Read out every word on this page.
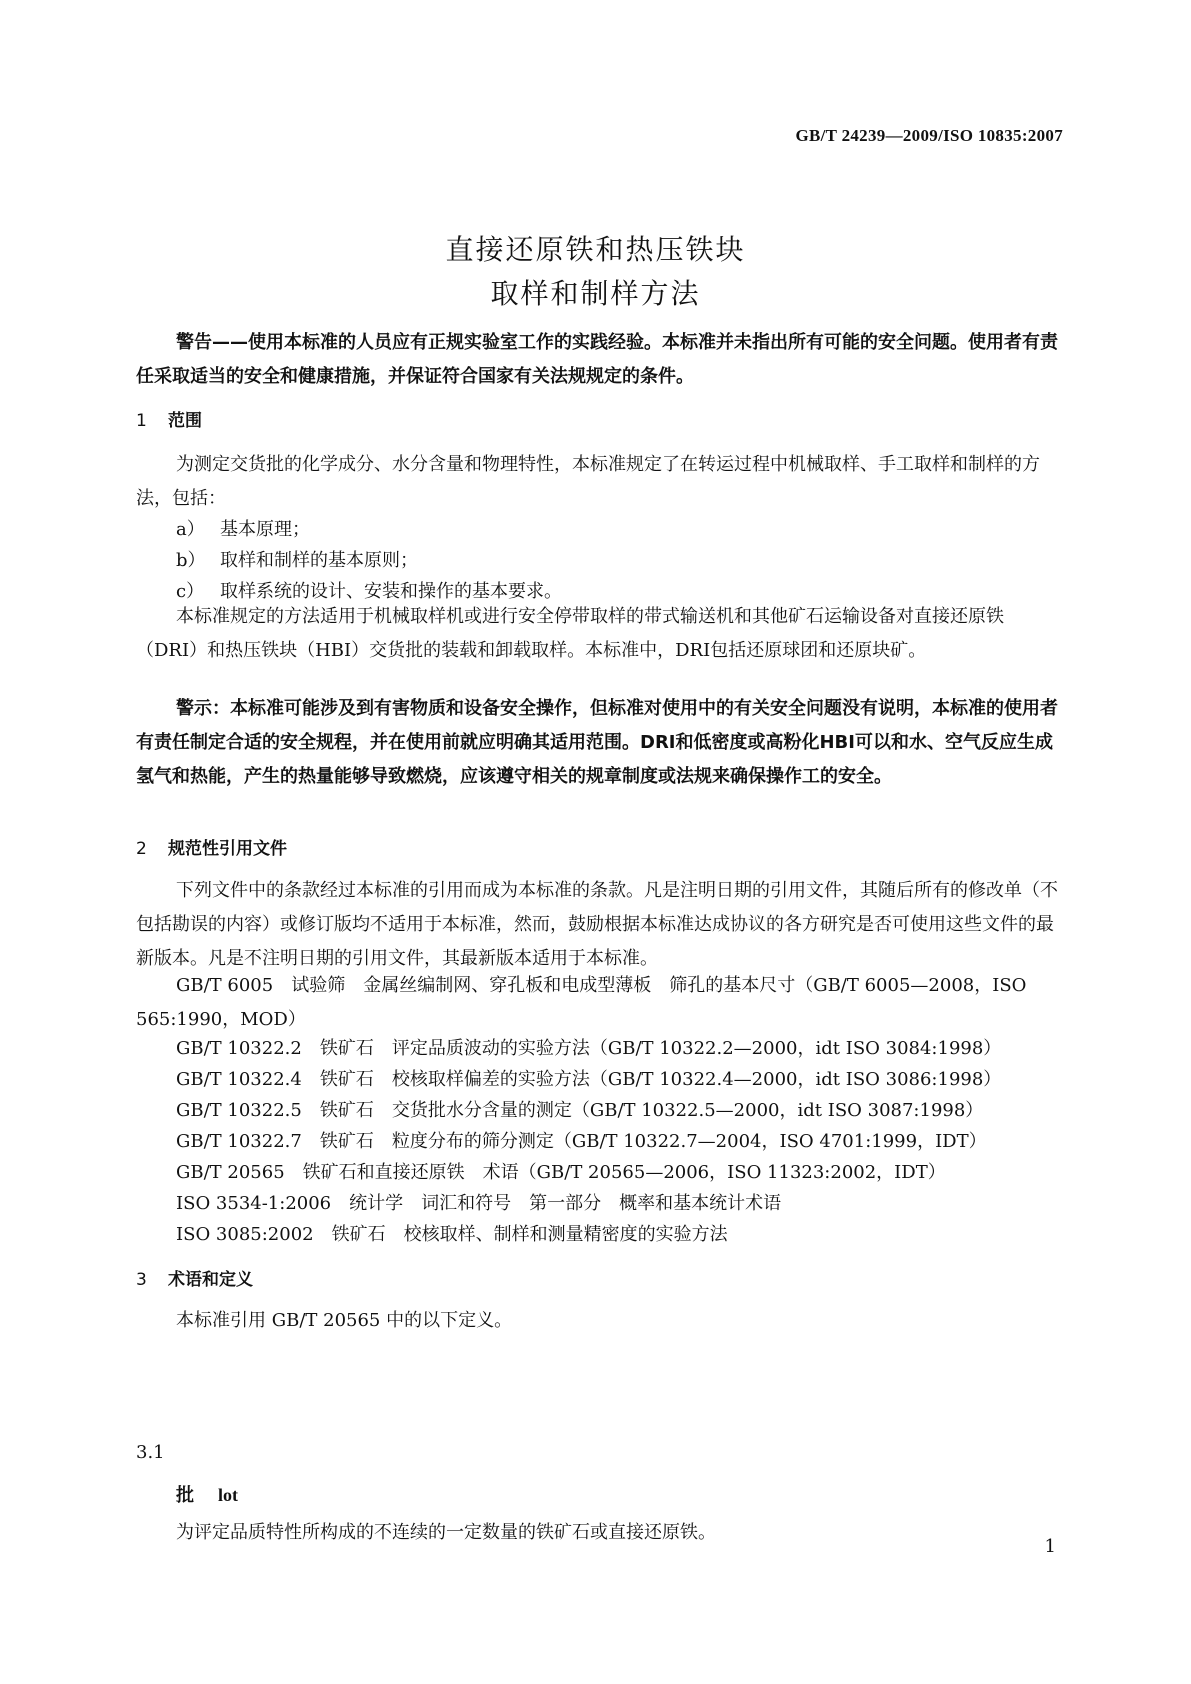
GB/T 24239—2009/ISO 10835:2007
直接还原铁和热压铁块
取样和制样方法

警告——使用本标准的人员应有正规实验室工作的实践经验。本标准并未指出所有可能的安全问题。使用者有责任采取适当的安全和健康措施，并保证符合国家有关法规规定的条件。

1 范围

为测定交货批的化学成分、水分含量和物理特性，本标准规定了在转运过程中机械取样、手工取样和制样的方法，包括：

a） 基本原理；
b） 取样和制样的基本原则；
c） 取样系统的设计、安装和操作的基本要求。

本标准规定的方法适用于机械取样机或进行安全停带取样的带式输送机和其他矿石运输设备对直接还原铁（DRI）和热压铁块（HBI）交货批的装载和卸载取样。本标准中，DRI包括还原球团和还原块矿。

警示：本标准可能涉及到有害物质和设备安全操作，但标准对使用中的有关安全问题没有说明，本标准的使用者有责任制定合适的安全规程，并在使用前就应明确其适用范围。DRI和低密度或高粉化HBI可以和水、空气反应生成氢气和热能，产生的热量能够导致燃烧，应该遵守相关的规章制度或法规来确保操作工的安全。

2 规范性引用文件

下列文件中的条款经过本标准的引用而成为本标准的条款。凡是注明日期的引用文件，其随后所有的修改单（不包括勘误的内容）或修订版均不适用于本标准，然而，鼓励根据本标准达成协议的各方研究是否可使用这些文件的最新版本。凡是不注明日期的引用文件，其最新版本适用于本标准。

GB/T 6005　试验筛　金属丝编制网、穿孔板和电成型薄板　筛孔的基本尺寸（GB/T 6005—2008，ISO 565:1990，MOD）
GB/T 10322.2　铁矿石　评定品质波动的实验方法（GB/T 10322.2—2000，idt ISO 3084:1998）
GB/T 10322.4　铁矿石　校核取样偏差的实验方法（GB/T 10322.4—2000，idt ISO 3086:1998）
GB/T 10322.5　铁矿石　交货批水分含量的测定（GB/T 10322.5—2000，idt ISO 3087:1998）
GB/T 10322.7　铁矿石　粒度分布的筛分测定（GB/T 10322.7—2004，ISO 4701:1999，IDT）
GB/T 20565　铁矿石和直接还原铁　术语（GB/T 20565—2006，ISO 11323:2002，IDT）
ISO 3534-1:2006　统计学　词汇和符号　第一部分　概率和基本统计术语
ISO 3085:2002　铁矿石　校核取样、制样和测量精密度的实验方法
3 术语和定义
本标准引用 GB/T 20565 中的以下定义。
3.1
批 lot
为评定品质特性所构成的不连续的一定数量的铁矿石或直接还原铁。
1
